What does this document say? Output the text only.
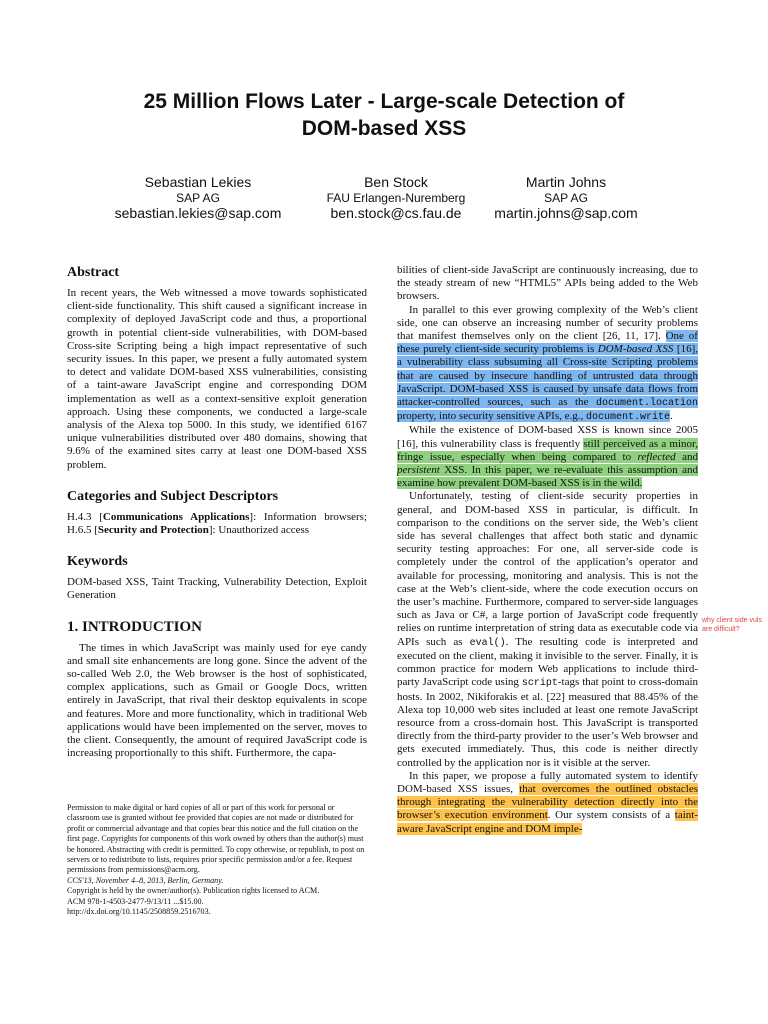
25 Million Flows Later - Large-scale Detection of
DOM-based XSS
Sebastian Lekies
SAP AG
sebastian.lekies@sap.com
Ben Stock
FAU Erlangen-Nuremberg
ben.stock@cs.fau.de
Martin Johns
SAP AG
martin.johns@sap.com
Abstract

In recent years, the Web witnessed a move towards sophisticated client-side functionality. This shift caused a significant increase in complexity of deployed JavaScript code and thus, a proportional growth in potential client-side vulnerabilities, with DOM-based Cross-site Scripting being a high impact representative of such security issues. In this paper, we present a fully automated system to detect and validate DOM-based XSS vulnerabilities, consisting of a taint-aware JavaScript engine and corresponding DOM implementation as well as a context-sensitive exploit generation approach. Using these components, we conducted a large-scale analysis of the Alexa top 5000. In this study, we identified 6167 unique vulnerabilities distributed over 480 domains, showing that 9.6% of the examined sites carry at least one DOM-based XSS problem.

Categories and Subject Descriptors

H.4.3 [Communications Applications]: Information browsers; H.6.5 [Security and Protection]: Unauthorized access

Keywords

DOM-based XSS, Taint Tracking, Vulnerability Detection, Exploit Generation

1. INTRODUCTION

The times in which JavaScript was mainly used for eye candy and small site enhancements are long gone. Since the advent of the so-called Web 2.0, the Web browser is the host of sophisticated, complex applications, such as Gmail or Google Docs, written entirely in JavaScript, that rival their desktop equivalents in scope and features. More and more functionality, which in traditional Web applications would have been implemented on the server, moves to the client. Consequently, the amount of required JavaScript code is increasing proportionally to this shift. Furthermore, the capa-

Permission to make digital or hard copies of all or part of this work for personal or classroom use is granted without fee provided that copies are not made or distributed for profit or commercial advantage and that copies bear this notice and the full citation on the first page. Copyrights for components of this work owned by others than the author(s) must be honored. Abstracting with credit is permitted. To copy otherwise, or republish, to post on servers or to redistribute to lists, requires prior specific permission and/or a fee. Request permissions from permissions@acm.org.
CCS'13, November 4–8, 2013, Berlin, Germany.
Copyright is held by the owner/author(s). Publication rights licensed to ACM.
ACM 978-1-4503-2477-9/13/11 ...$15.00.
http://dx.doi.org/10.1145/2508859.2516703.

bilities of client-side JavaScript are continuously increasing, due to the steady stream of new “HTML5” APIs being added to the Web browsers.

In parallel to this ever growing complexity of the Web’s client side, one can observe an increasing number of security problems that manifest themselves only on the client [26, 11, 17]. One of these purely client-side security problems is DOM-based XSS [16], a vulnerability class subsuming all Cross-site Scripting problems that are caused by insecure handling of untrusted data through JavaScript. DOM-based XSS is caused by unsafe data flows from attacker-controlled sources, such as the document.location property, into security sensitive APIs, e.g., document.write.

While the existence of DOM-based XSS is known since 2005 [16], this vulnerability class is frequently still perceived as a minor, fringe issue, especially when being compared to reflected and persistent XSS. In this paper, we re-evaluate this assumption and examine how prevalent DOM-based XSS is in the wild.

Unfortunately, testing of client-side security properties in general, and DOM-based XSS in particular, is difficult. In comparison to the conditions on the server side, the Web’s client side has several challenges that affect both static and dynamic security testing approaches: For one, all server-side code is completely under the control of the application’s operator and available for processing, monitoring and analysis. This is not the case at the Web’s client-side, where the code execution occurs on the user’s machine. Furthermore, compared to server-side languages such as Java or C#, a large portion of JavaScript code frequently relies on runtime interpretation of string data as executable code via APIs such as eval(). The resulting code is interpreted and executed on the client, making it invisible to the server. Finally, it is common practice for modern Web applications to include third-party JavaScript code using script-tags that point to cross-domain hosts. In 2002, Nikiforakis et al. [22] measured that 88.45% of the Alexa top 10,000 web sites included at least one remote JavaScript resource from a cross-domain host. This JavaScript is transported directly from the third-party provider to the user’s Web browser and gets executed immediately. Thus, this code is neither directly controlled by the application nor is it visible at the server.

In this paper, we propose a fully automated system to identify DOM-based XSS issues, that overcomes the outlined obstacles through integrating the vulnerability detection directly into the browser’s execution environment. Our system consists of a taint-aware JavaScript engine and DOM imple-

why client side vuls are difficult?
